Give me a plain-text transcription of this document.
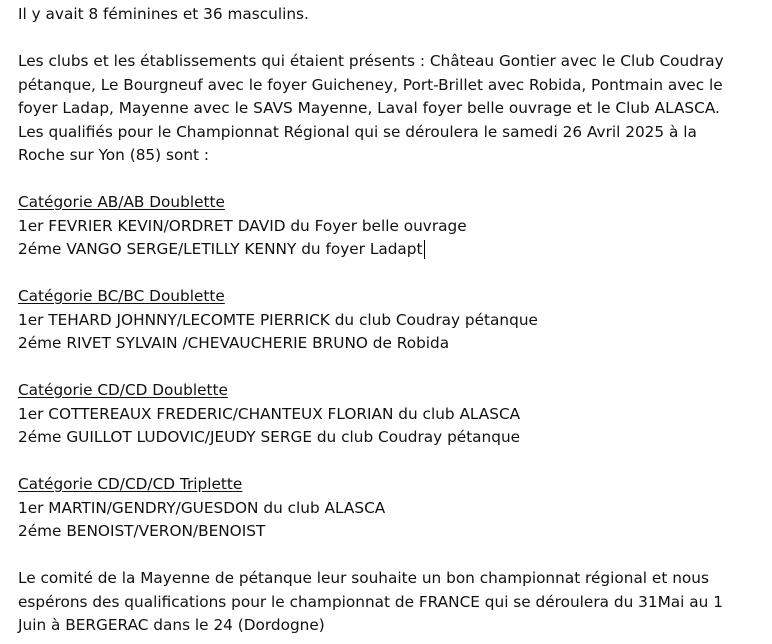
Il y avait 8 féminines et 36 masculins.
Les clubs et les établissements qui étaient présents : Château Gontier avec le Club Coudray
pétanque, Le Bourgneuf avec le foyer Guicheney, Port-Brillet avec Robida, Pontmain avec le
foyer Ladap, Mayenne avec le SAVS Mayenne, Laval foyer belle ouvrage et le Club ALASCA.
Les qualifiés pour le Championnat Régional qui se déroulera le samedi 26 Avril 2025 à la
Roche sur Yon (85) sont :
Catégorie AB/AB Doublette
1er FEVRIER KEVIN/ORDRET DAVID du Foyer belle ouvrage
2éme VANGO SERGE/LETILLY KENNY du foyer Ladapt
Catégorie BC/BC Doublette
1er TEHARD JOHNNY/LECOMTE PIERRICK du club Coudray pétanque
2éme RIVET SYLVAIN /CHEVAUCHERIE BRUNO de Robida
Catégorie CD/CD Doublette
1er COTTEREAUX FREDERIC/CHANTEUX FLORIAN du club ALASCA
2éme GUILLOT LUDOVIC/JEUDY SERGE du club Coudray pétanque
Catégorie CD/CD/CD Triplette
1er MARTIN/GENDRY/GUESDON du club ALASCA
2éme BENOIST/VERON/BENOIST
Le comité de la Mayenne de pétanque leur souhaite un bon championnat régional et nous
espérons des qualifications pour le championnat de FRANCE qui se déroulera du 31Mai au 1
Juin à BERGERAC dans le 24 (Dordogne)
